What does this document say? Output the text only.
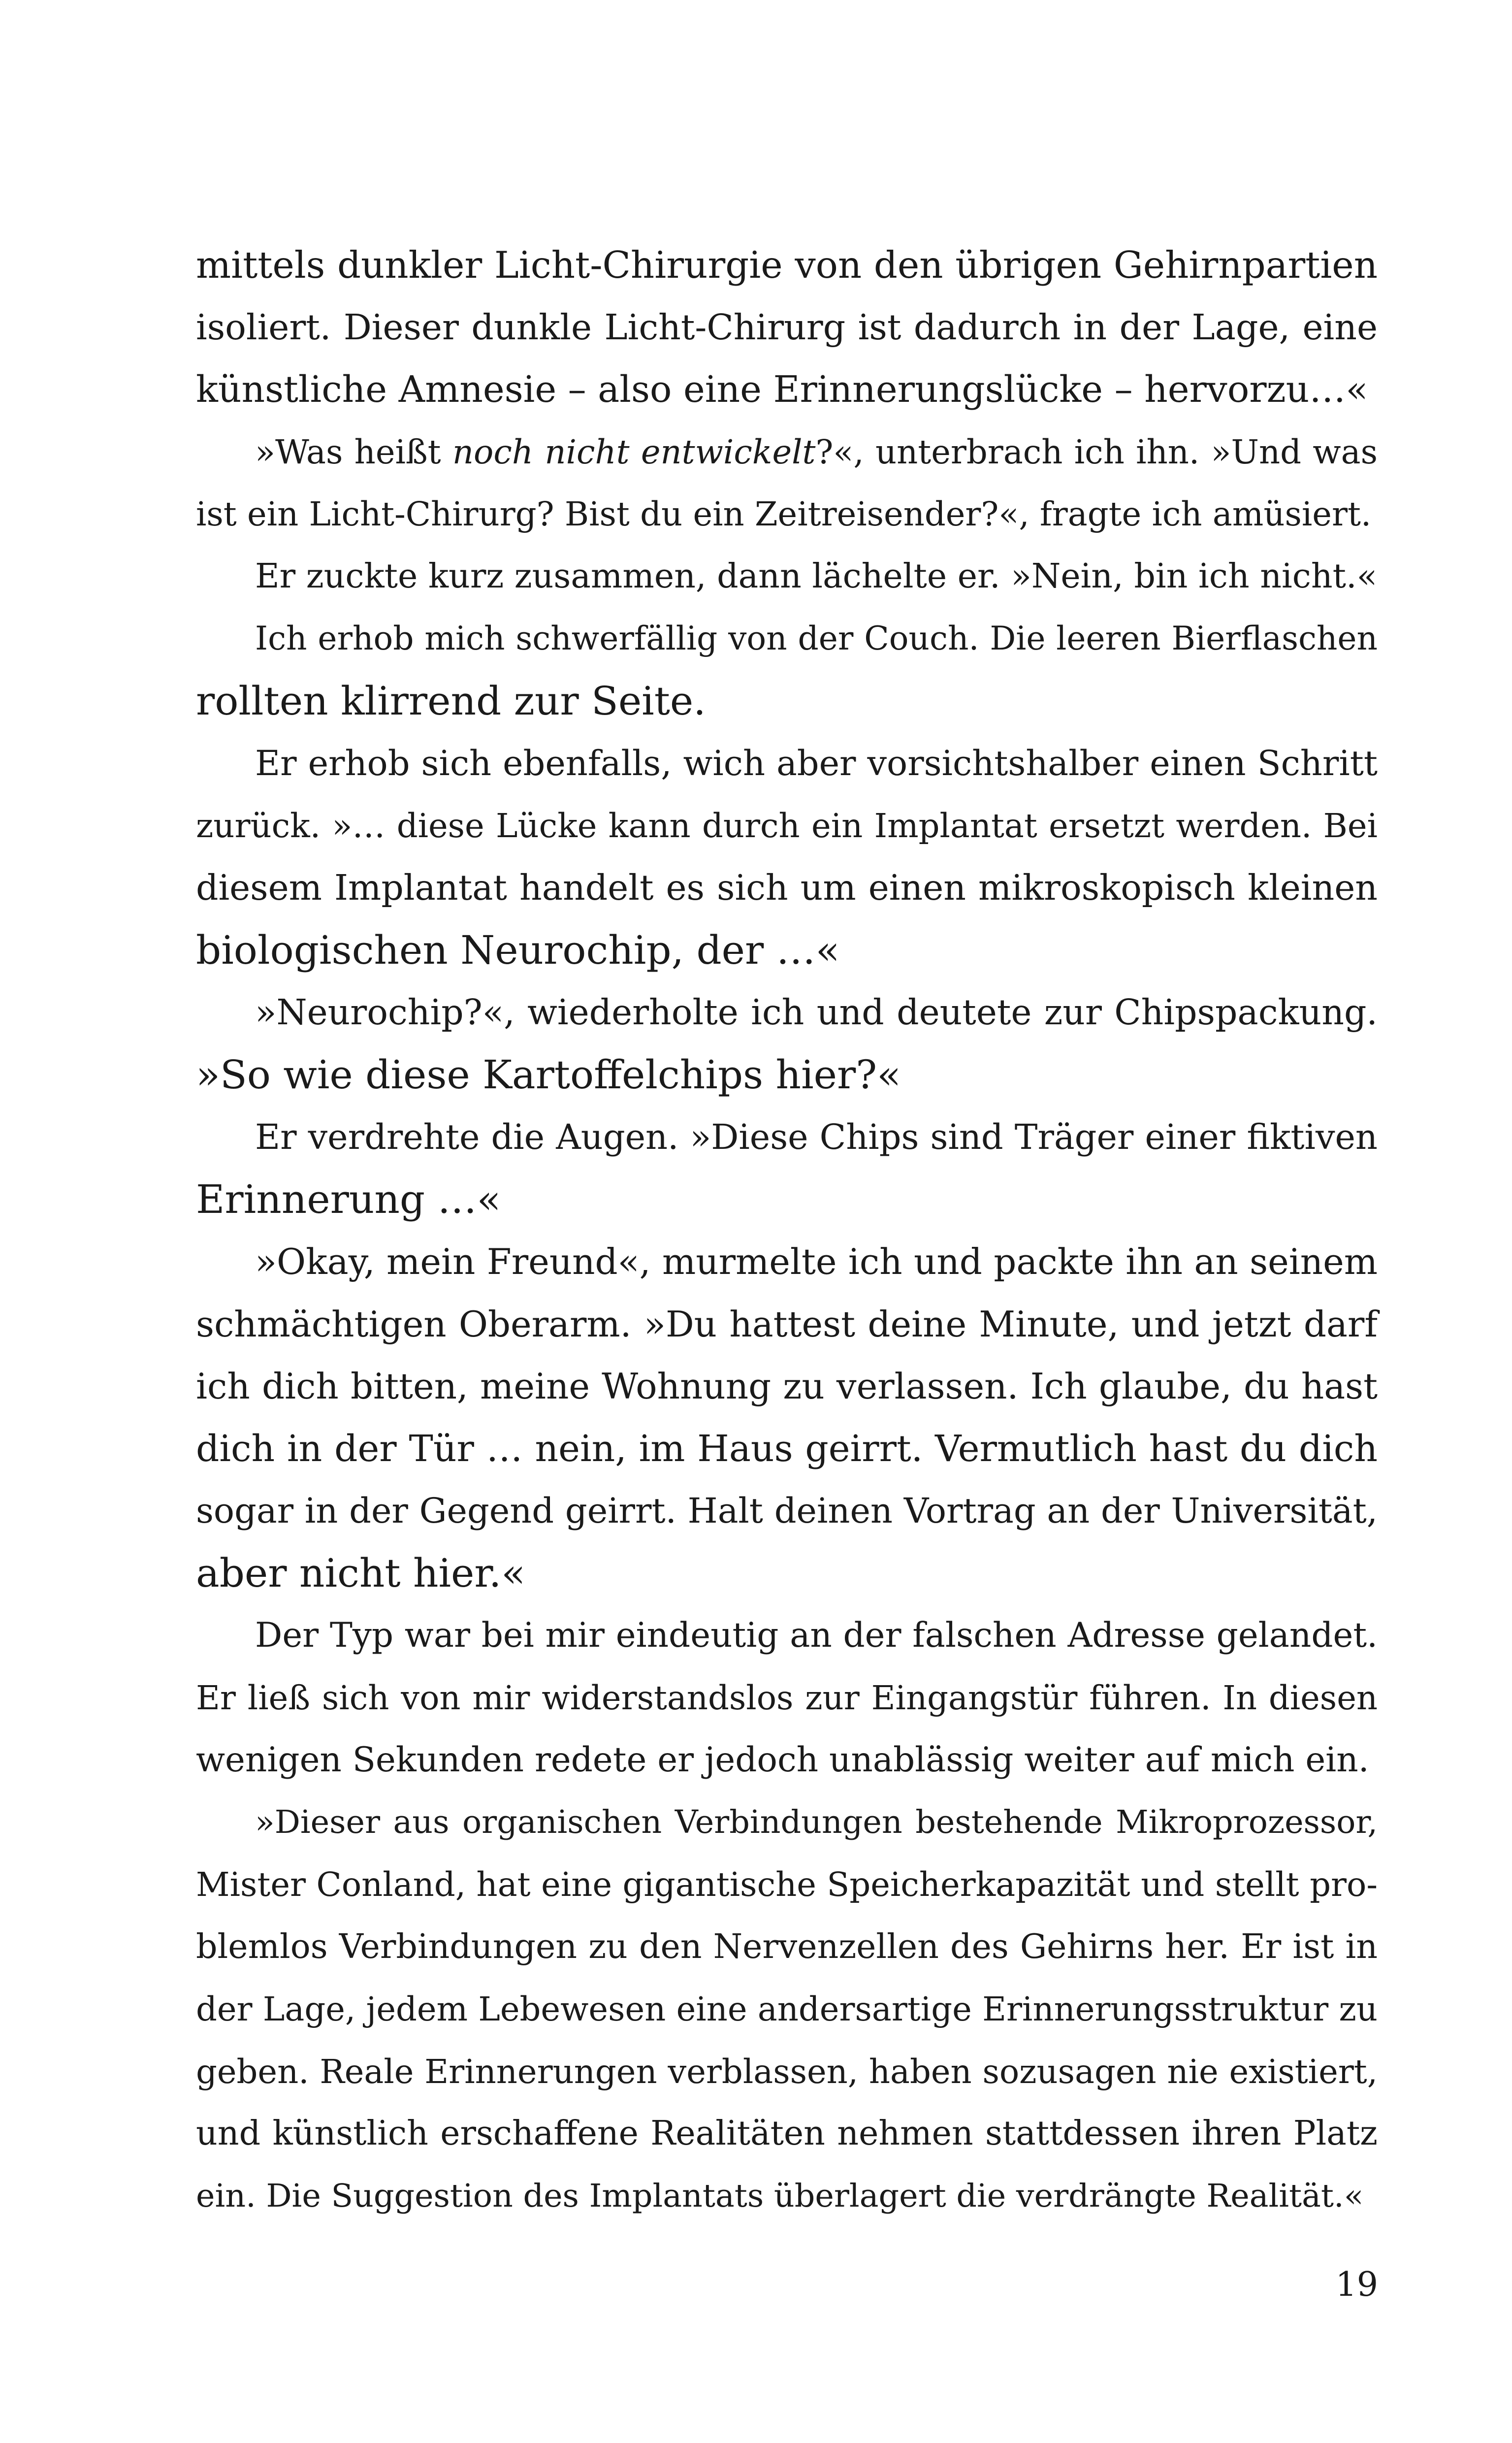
mittels dunkler Licht-Chirurgie von den übrigen Gehirnpartien
isoliert. Dieser dunkle Licht-Chirurg ist dadurch in der Lage, eine
künstliche Amnesie – also eine Erinnerungslücke – hervorzu…«
»Was heißt noch nicht entwickelt?«, unterbrach ich ihn. »Und was
ist ein Licht-Chirurg? Bist du ein Zeitreisender?«, fragte ich amüsiert.
Er zuckte kurz zusammen, dann lächelte er. »Nein, bin ich nicht.«
Ich erhob mich schwerfällig von der Couch. Die leeren Bierflaschen
rollten klirrend zur Seite.
Er erhob sich ebenfalls, wich aber vorsichtshalber einen Schritt
zurück. »… diese Lücke kann durch ein Implantat ersetzt werden. Bei
diesem Implantat handelt es sich um einen mikroskopisch kleinen
biologischen Neurochip, der …«
»Neurochip?«, wiederholte ich und deutete zur Chipspackung.
»So wie diese Kartoffelchips hier?«
Er verdrehte die Augen. »Diese Chips sind Träger einer fiktiven
Erinnerung …«
»Okay, mein Freund«, murmelte ich und packte ihn an seinem
schmächtigen Oberarm. »Du hattest deine Minute, und jetzt darf
ich dich bitten, meine Wohnung zu verlassen. Ich glaube, du hast
dich in der Tür … nein, im Haus geirrt. Vermutlich hast du dich
sogar in der Gegend geirrt. Halt deinen Vortrag an der Universität,
aber nicht hier.«
Der Typ war bei mir eindeutig an der falschen Adresse gelandet.
Er ließ sich von mir widerstandslos zur Eingangstür führen. In diesen
wenigen Sekunden redete er jedoch unablässig weiter auf mich ein.
»Dieser aus organischen Verbindungen bestehende Mikroprozessor,
Mister Conland, hat eine gigantische Speicherkapazität und stellt pro-
blemlos Verbindungen zu den Nervenzellen des Gehirns her. Er ist in
der Lage, jedem Lebewesen eine andersartige Erinnerungsstruktur zu
geben. Reale Erinnerungen verblassen, haben sozusagen nie existiert,
und künstlich erschaffene Realitäten nehmen stattdessen ihren Platz
ein. Die Suggestion des Implantats überlagert die verdrängte Realität.«
19
